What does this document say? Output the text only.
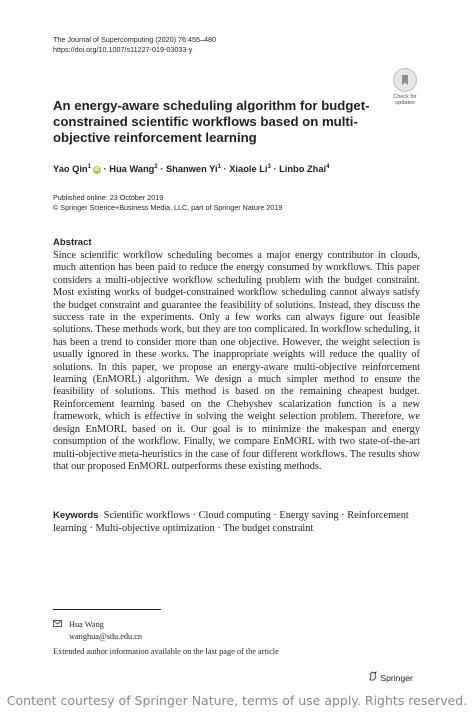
The Journal of Supercomputing (2020) 76:455–480
https://doi.org/10.1007/s11227-019-03033-y
Check for
updates
An energy-aware scheduling algorithm for budget-constrained scientific workflows based on multi-objective reinforcement learning
Yao Qin$^1$iD · Hua Wang$^2$ · Shanwen $Yi^1$ · Xiaole $Li^3$ · Linbo Zhai$^4$
Published online: 23 October 2019
© Springer Science+Business Media, LLC, part of Springer Nature 2019
Abstract
Since scientific workflow scheduling becomes a major energy contributor in clouds, much attention has been paid to reduce the energy consumed by workflows. This paper considers a multi-objective workflow scheduling problem with the budget constraint. Most existing works of budget-constrained workflow scheduling cannot always satisfy the budget constraint and guarantee the feasibility of solutions. Instead, they discuss the success rate in the experiments. Only a few works can always figure out feasible solutions. These methods work, but they are too complicated. In workflow scheduling, it has been a trend to consider more than one objective. However, the weight selection is usually ignored in these works. The inappropriate weights will reduce the quality of solutions. In this paper, we propose an energy-aware multi-objective reinforcement learning (EnMORL) algorithm. We design a much simpler method to ensure the feasibility of solutions. This method is based on the remaining cheapest budget. Reinforcement learning based on the Chebyshev scalarization function is a new framework, which is effective in solving the weight selection problem. Therefore, we design EnMORL based on it. Our goal is to minimize the makespan and energy consumption of the workflow. Finally, we compare EnMORL with two state-of-the-art multi-objective meta-heuristics in the case of four different workflows. The results show that our proposed EnMORL outperforms these existing methods.
Keywords Scientific workflows · Cloud computing · Energy saving · Reinforcement learning · Multi-objective optimization · The budget constraint
Hua Wang
wanghua@sdu.edu.cn
Extended author information available on the last page of the article
Springer
Content courtesy of Springer Nature, terms of use apply. Rights reserved.
